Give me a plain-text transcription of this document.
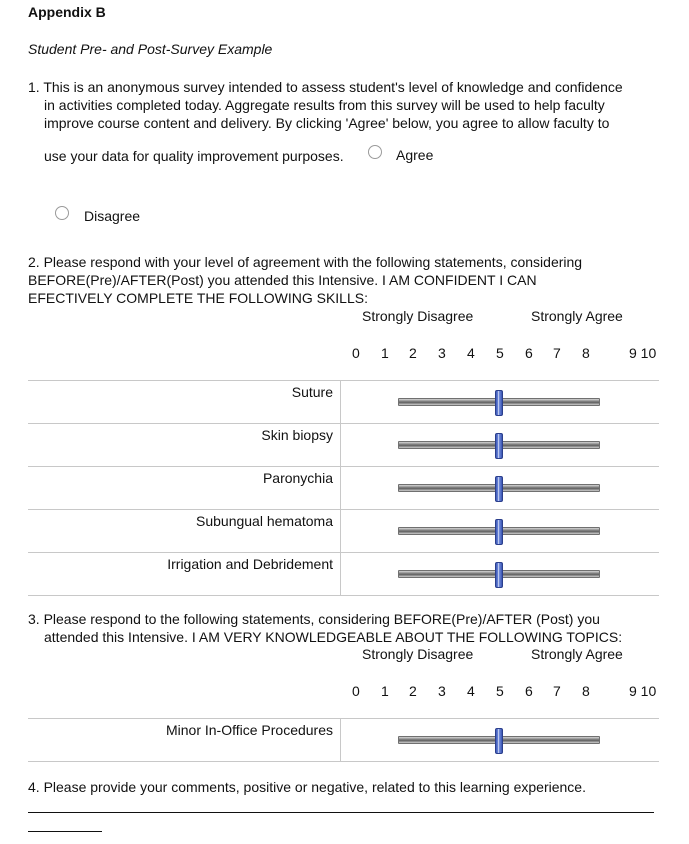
Appendix B
Student Pre- and Post-Survey Example
1. This is an anonymous survey intended to assess student's level of knowledge and confidence
in activities completed today. Aggregate results from this survey will be used to help faculty
improve course content and delivery. By clicking 'Agree' below, you agree to allow faculty to
use your data for quality improvement purposes.	Agree
Disagree
2. Please respond with your level of agreement with the following statements, considering
BEFORE(Pre)/AFTER(Post) you attended this Intensive. I AM CONFIDENT I CAN
EFECTIVELY COMPLETE THE FOLLOWING SKILLS:
Strongly Disagree	Strongly Agree
0 1 2 3 4 5 6 7 8	9 10
Suture
Skin biopsy
Paronychia
Subungual hematoma
Irrigation and Debridement
3. Please respond to the following statements, considering BEFORE(Pre)/AFTER (Post) you
attended this Intensive. I AM VERY KNOWLEDGEABLE ABOUT THE FOLLOWING TOPICS:
Strongly Disagree	Strongly Agree
0 1 2 3 4 5 6 7 8	9 10
Minor In-Office Procedures
4. Please provide your comments, positive or negative, related to this learning experience.
